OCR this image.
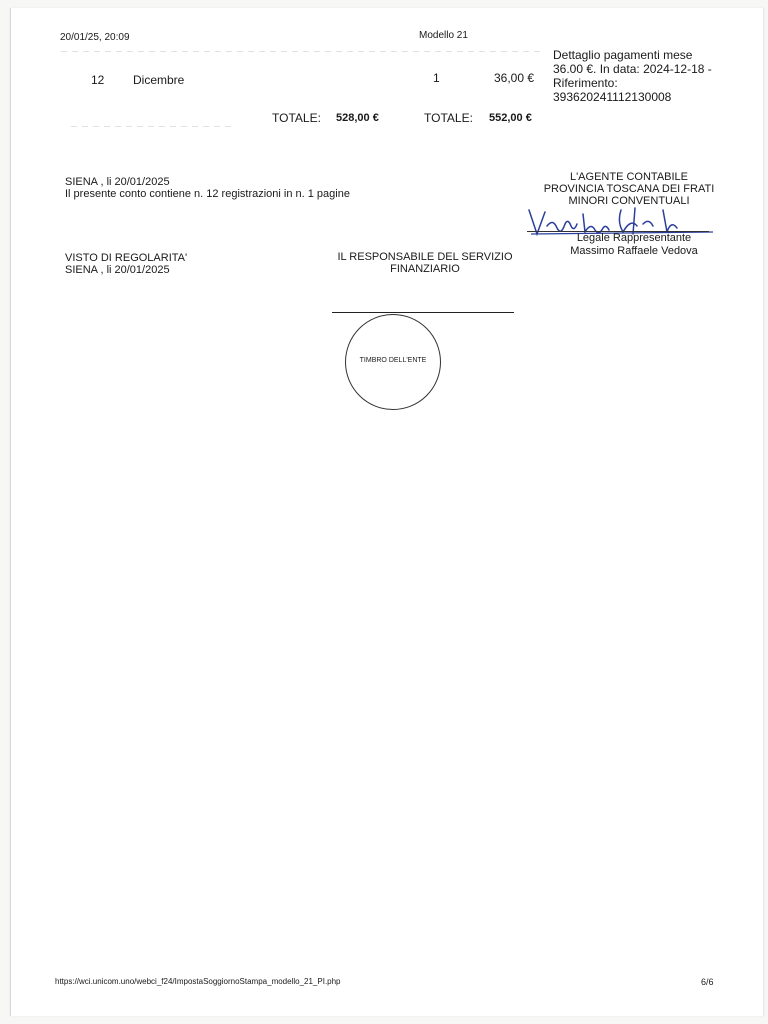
20/01/25, 20:09	Modello 21
12 Dicembre	1	36,00 €
Dettaglio pagamenti mese
36.00 €. In data: 2024-12-18 -
Riferimento:
393620241112130008
TOTALE: 528,00 €	TOTALE: 552,00 €
SIENA , li 20/01/2025
Il presente conto contiene n. 12 registrazioni in n. 1 pagine
L'AGENTE CONTABILE
PROVINCIA TOSCANA DEI FRATI
MINORI CONVENTUALI
Legale Rappresentante
Massimo Raffaele Vedova
VISTO DI REGOLARITA'
SIENA , li 20/01/2025
IL RESPONSABILE DEL SERVIZIO
FINANZIARIO
TIMBRO DELL'ENTE
https://wci.unicom.uno/webci_f24/ImpostaSoggiornoStampa_modello_21_PI.php	6/6
